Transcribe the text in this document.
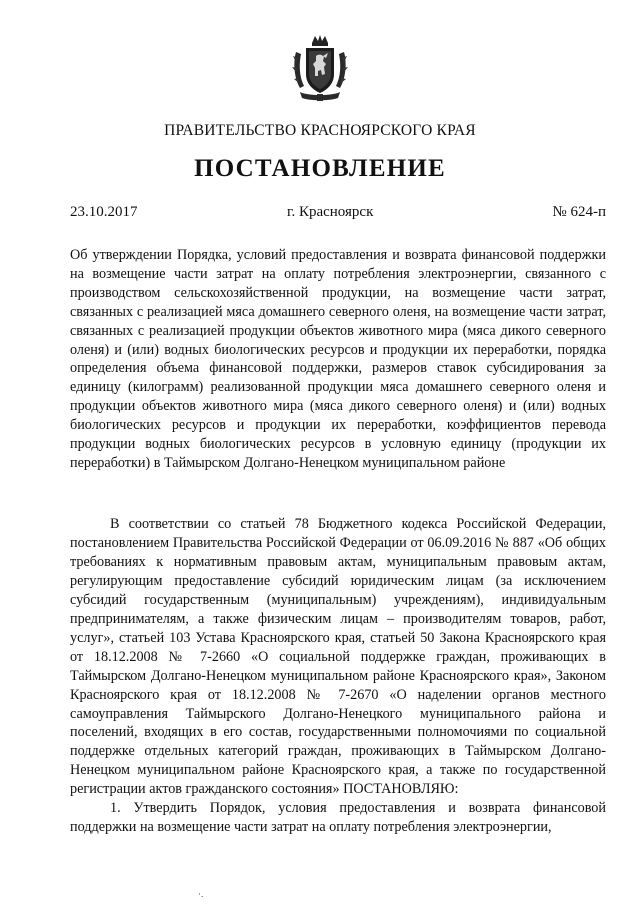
ПРАВИТЕЛЬСТВО КРАСНОЯРСКОГО КРАЯ
ПОСТАНОВЛЕНИЕ
23.10.2017	г. Красноярск	№ 624-п
Об утверждении Порядка, условий предоставления и возврата финансовой поддержки на возмещение части затрат на оплату потребления электроэнергии, связанного с производством сельскохозяйственной продукции, на возмещение части затрат, связанных с реализацией мяса домашнего северного оленя, на возмещение части затрат, связанных с реализацией продукции объектов животного мира (мяса дикого северного оленя) и (или) водных биологических ресурсов и продукции их переработки, порядка определения объема финансовой поддержки, размеров ставок субсидирования за единицу (килограмм) реализованной продукции мяса домашнего северного оленя и продукции объектов животного мира (мяса дикого северного оленя) и (или) водных биологических ресурсов и продукции их переработки, коэффициентов перевода продукции водных биологических ресурсов в условную единицу (продукции их переработки) в Таймырском Долгано-Ненецком муниципальном районе

В соответствии со статьей 78 Бюджетного кодекса Российской Федерации, постановлением Правительства Российской Федерации от 06.09.2016 № 887 «Об общих требованиях к нормативным правовым актам, муниципальным правовым актам, регулирующим предоставление субсидий юридическим лицам (за исключением субсидий государственным (муниципальным) учреждениям), индивидуальным предпринимателям, а также физическим лицам – производителям товаров, работ, услуг», статьей 103 Устава Красноярского края, статьей 50 Закона Красноярского края от 18.12.2008 № 7-2660 «О социальной поддержке граждан, проживающих в Таймырском Долгано-Ненецком муниципальном районе Красноярского края», Законом Красноярского края от 18.12.2008 № 7-2670 «О наделении органов местного самоуправления Таймырского Долгано-Ненецкого муниципального района и поселений, входящих в его состав, государственными полномочиями по социальной поддержке отдельных категорий граждан, проживающих в Таймырском Долгано-Ненецком муниципальном районе Красноярского края, а также по государственной регистрации актов гражданского состояния» ПОСТАНОВЛЯЮ:

1. Утвердить Порядок, условия предоставления и возврата финансовой поддержки на возмещение части затрат на оплату потребления электроэнергии,

·.
